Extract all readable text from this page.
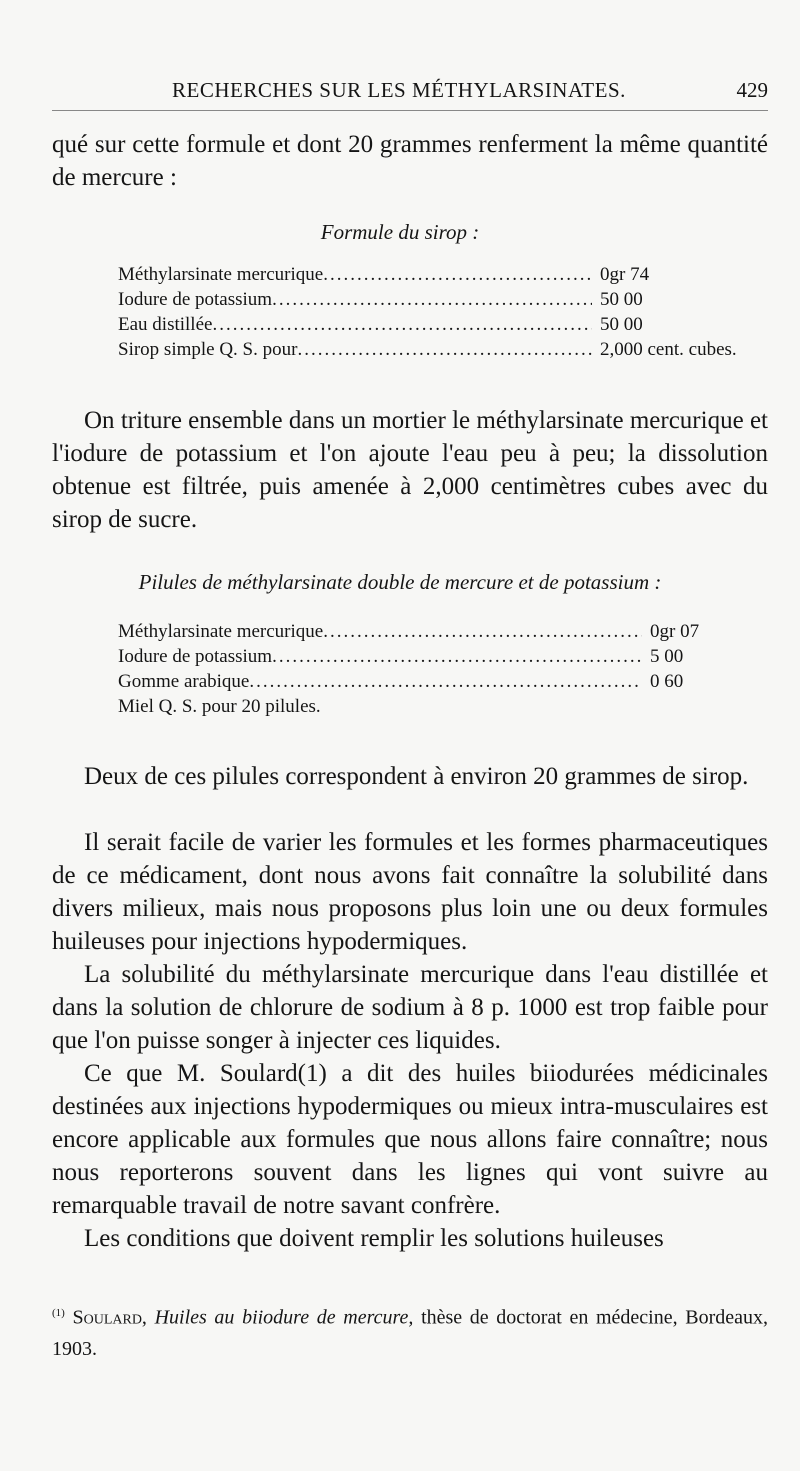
RECHERCHES SUR LES MÉTHYLARSINATES.	429

qué sur cette formule et dont 20 grammes renferment la même quantité de mercure :

Formule du sirop :
Méthylarsinate mercurique .....	0gr 74
Iodure de potassium .....	50 00
Eau distillée .....	50 00
Sirop simple Q. S. pour .....	2,000 cent. cubes.

On triture ensemble dans un mortier le méthylarsinate mercurique et l'iodure de potassium et l'on ajoute l'eau peu à peu; la dissolution obtenue est filtrée, puis amenée à 2,000 centimètres cubes avec du sirop de sucre.

Pilules de méthylarsinate double de mercure et de potassium :
Méthylarsinate mercurique .....	0gr 07
Iodure de potassium .....	5 00
Gomme arabique .....	0 60
Miel Q. S. pour 20 pilules.

Deux de ces pilules correspondent à environ 20 grammes de sirop.

Il serait facile de varier les formules et les formes pharmaceutiques de ce médicament, dont nous avons fait connaître la solubilité dans divers milieux, mais nous proposons plus loin une ou deux formules huileuses pour injections hypodermiques.

La solubilité du méthylarsinate mercurique dans l'eau distillée et dans la solution de chlorure de sodium à 8 p. 1000 est trop faible pour que l'on puisse songer à injecter ces liquides.

Ce que M. Soulard(1) a dit des huiles biiodurées médicinales destinées aux injections hypodermiques ou mieux intra-musculaires est encore applicable aux formules que nous allons faire connaître; nous nous reporterons souvent dans les lignes qui vont suivre au remarquable travail de notre savant confrère.

Les conditions que doivent remplir les solutions huileuses

$^{(1)}$ Soulard, Huiles au biiodure de mercure, thèse de doctorat en médecine, Bordeaux, 1903.
